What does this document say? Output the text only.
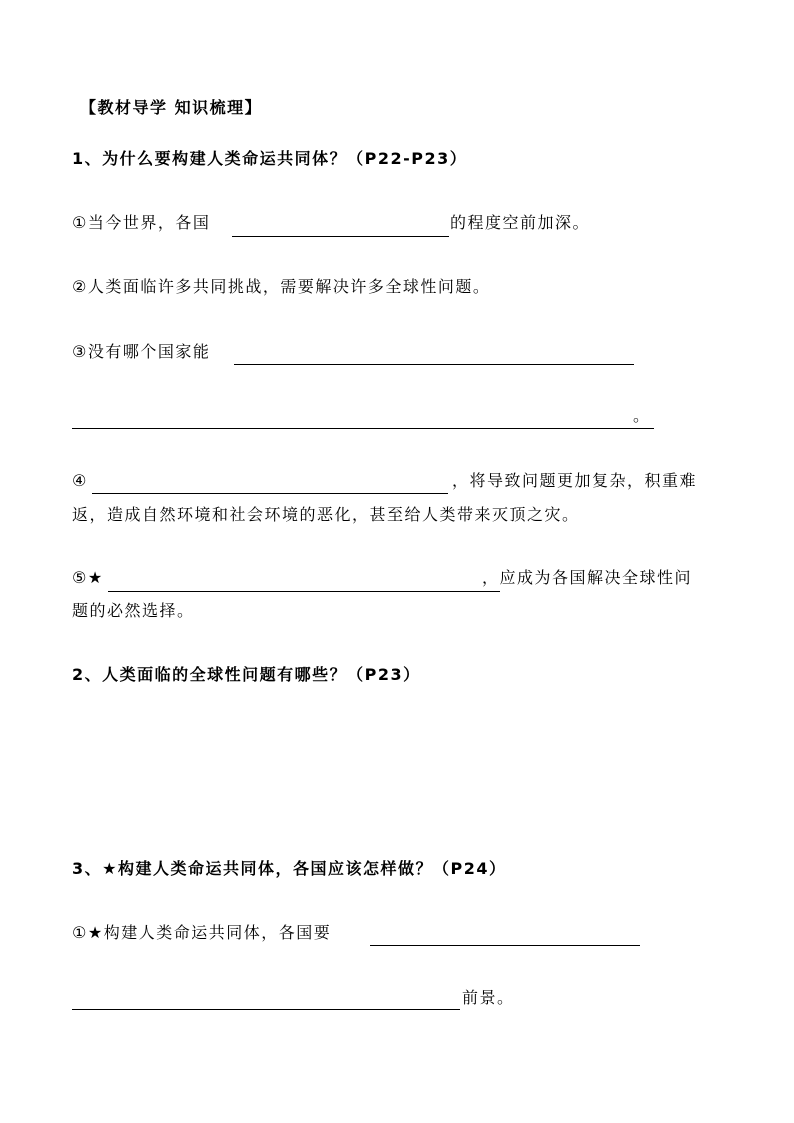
【教材导学 知识梳理】
1、为什么要构建人类命运共同体？（P22-P23）
①当今世界，各国	的程度空前加深。
②人类面临许多共同挑战，需要解决许多全球性问题。
③没有哪个国家能
。
④	，将导致问题更加复杂，积重难
返，造成自然环境和社会环境的恶化，甚至给人类带来灭顶之灾。
⑤★	，应成为各国解决全球性问
题的必然选择。
2、人类面临的全球性问题有哪些？（P23）
3、★构建人类命运共同体，各国应该怎样做？（P24）
①★构建人类命运共同体，各国要
前景。
